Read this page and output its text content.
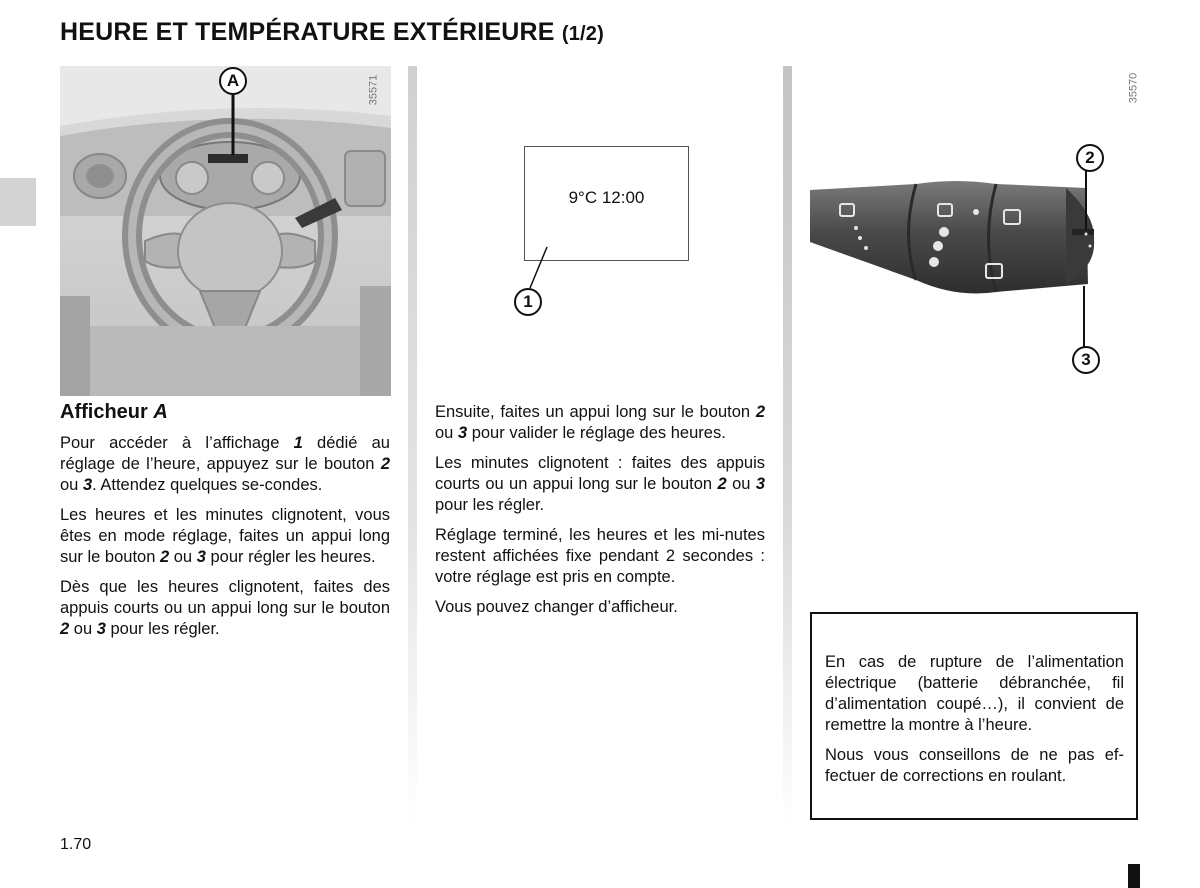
HEURE ET TEMPÉRATURE EXTÉRIEURE (1/2)
A	35571
Afficheur A

Pour accéder à l’affichage 1 dédié au réglage de l’heure, appuyez sur le bouton 2 ou 3. Attendez quelques se-condes.

Les heures et les minutes clignotent, vous êtes en mode réglage, faites un appui long sur le bouton 2 ou 3 pour régler les heures.

Dès que les heures clignotent, faites des appuis courts ou un appui long sur le bouton 2 ou 3 pour les régler.

9°C 12:00
1

Ensuite, faites un appui long sur le bouton 2 ou 3 pour valider le réglage des heures.

Les minutes clignotent : faites des appuis courts ou un appui long sur le bouton 2 ou 3 pour les régler.

Réglage terminé, les heures et les mi-nutes restent affichées fixe pendant 2 secondes : votre réglage est pris en compte.

Vous pouvez changer d’afficheur.

2
3
35570

En cas de rupture de l’alimentation électrique (batterie débranchée, fil d’alimentation coupé…), il convient de remettre la montre à l’heure.

Nous vous conseillons de ne pas ef-fectuer de corrections en roulant.

1.70
